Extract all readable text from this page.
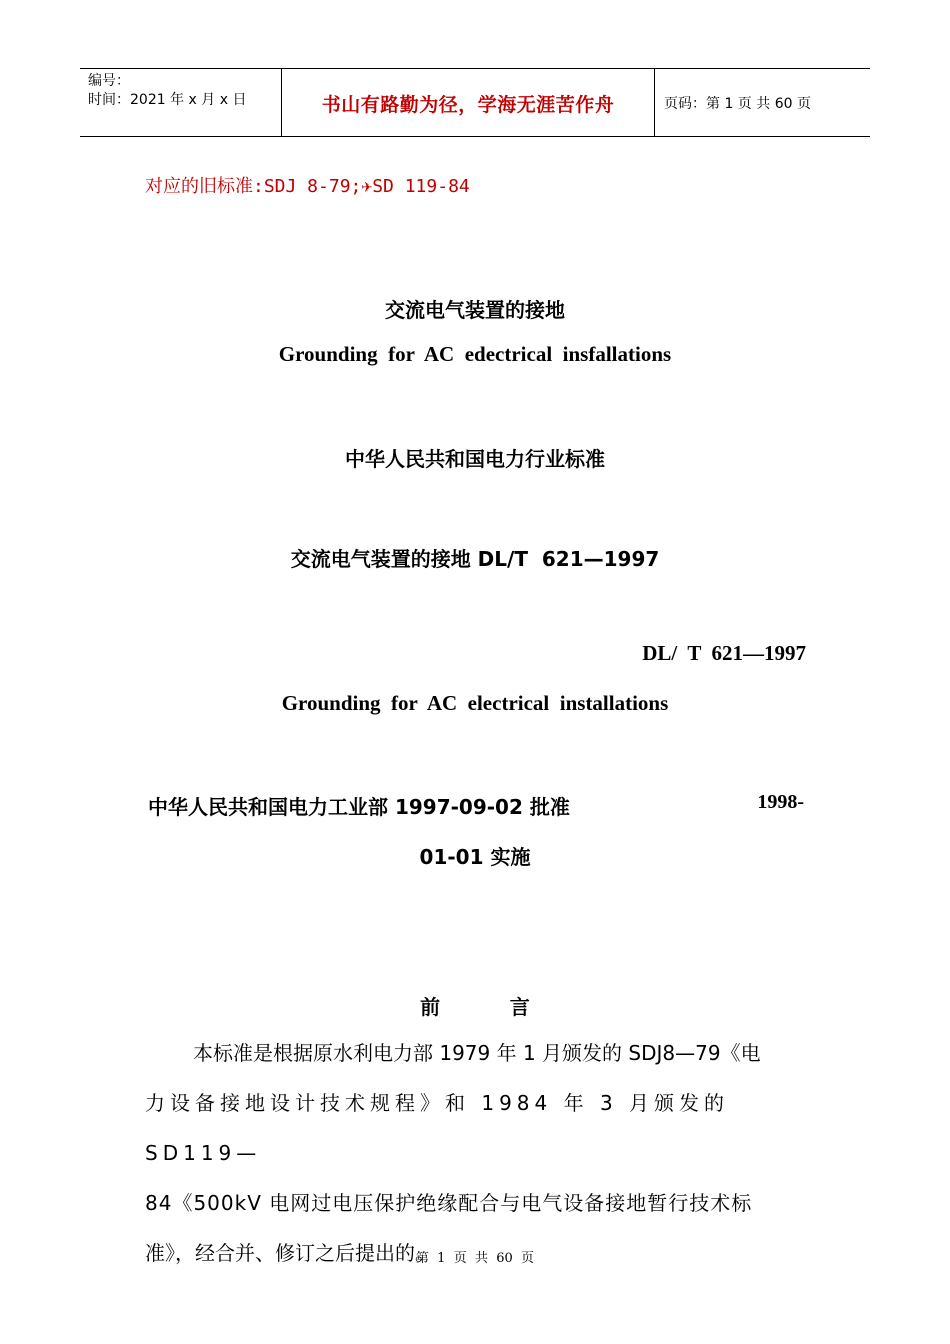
编号：
时间：2021 年 x 月 x 日	书山有路勤为径，学海无涯苦作舟	页码：第 1 页 共 60 页
对应的旧标准:SDJ 8-79;✈SD 119-84
交流电气装置的接地
Grounding  for  AC  edectrical  insfallations
中华人民共和国电力行业标准
交流电气装置的接地 DL/T  621—1997
DL/  T  621—1997
Grounding  for  AC  electrical  installations
中华人民共和国电力工业部 1997-09-02 批准	1998-
01-01 实施
前          言
本标准是根据原水利电力部 1979 年 1 月颁发的 SDJ8—79《电
力设备接地设计技术规程》和 1984 年 3 月颁发的 SD119—
84《500kV 电网过电压保护绝缘配合与电气设备接地暂行技术标
准》，经合并、修订之后提出的。
第  1  页  共  60  页
